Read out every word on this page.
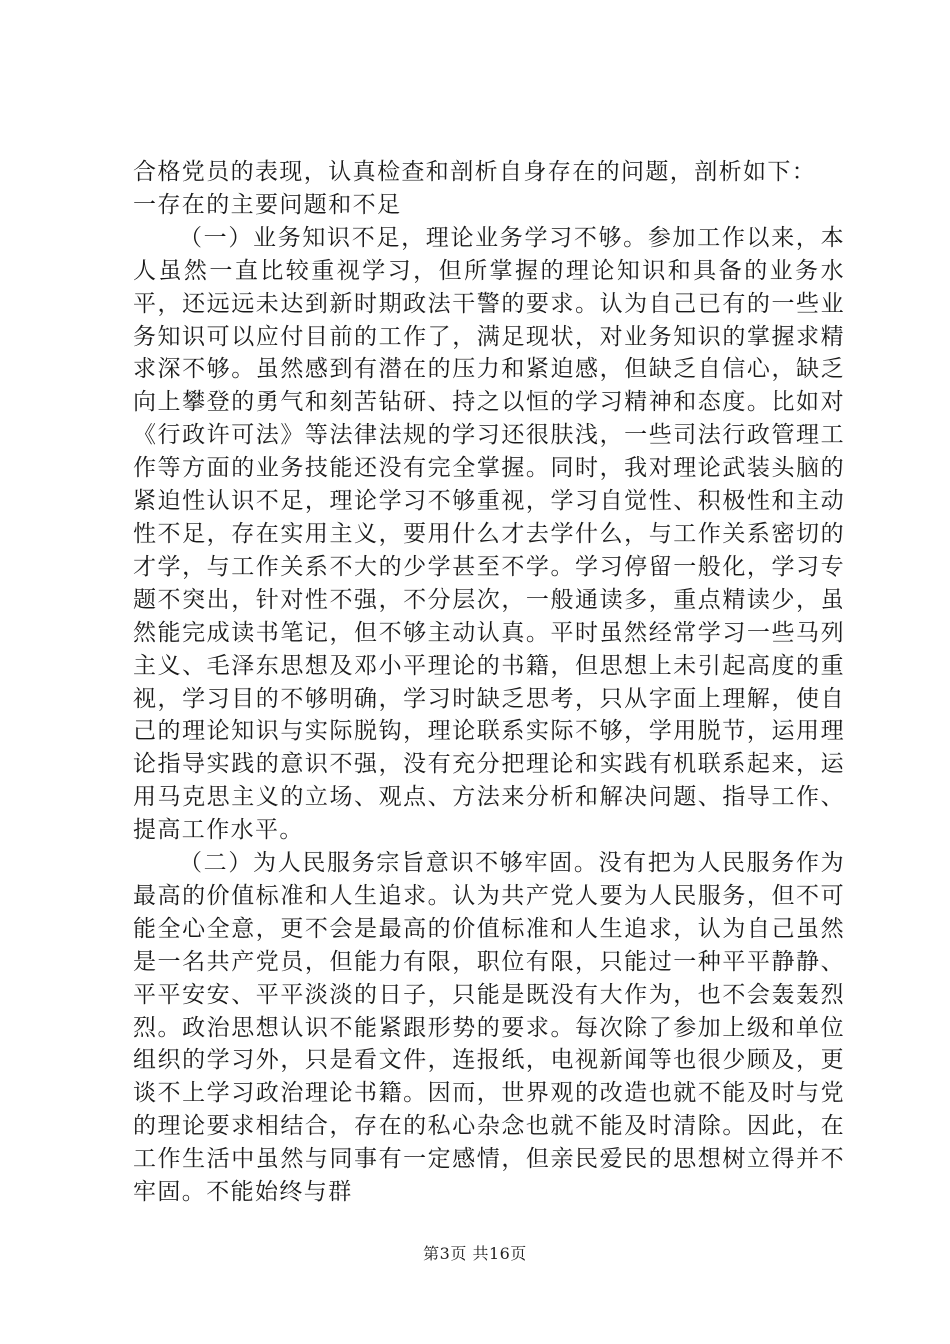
合格党员的表现，认真检查和剖析自身存在的问题，剖析如下：

一存在的主要问题和不足

（一）业务知识不足，理论业务学习不够。参加工作以来，本人虽然一直比较重视学习，但所掌握的理论知识和具备的业务水平，还远远未达到新时期政法干警的要求。认为自己已有的一些业务知识可以应付目前的工作了，满足现状，对业务知识的掌握求精求深不够。虽然感到有潜在的压力和紧迫感，但缺乏自信心，缺乏向上攀登的勇气和刻苦钻研、持之以恒的学习精神和态度。比如对《行政许可法》等法律法规的学习还很肤浅，一些司法行政管理工作等方面的业务技能还没有完全掌握。同时，我对理论武装头脑的紧迫性认识不足，理论学习不够重视，学习自觉性、积极性和主动性不足，存在实用主义，要用什么才去学什么，与工作关系密切的才学，与工作关系不大的少学甚至不学。学习停留一般化，学习专题不突出，针对性不强，不分层次，一般通读多，重点精读少，虽然能完成读书笔记，但不够主动认真。平时虽然经常学习一些马列主义、毛泽东思想及邓小平理论的书籍，但思想上未引起高度的重视，学习目的不够明确，学习时缺乏思考，只从字面上理解，使自己的理论知识与实际脱钩，理论联系实际不够，学用脱节，运用理论指导实践的意识不强，没有充分把理论和实践有机联系起来，运用马克思主义的立场、观点、方法来分析和解决问题、指导工作、提高工作水平。

（二）为人民服务宗旨意识不够牢固。没有把为人民服务作为最高的价值标准和人生追求。认为共产党人要为人民服务，但不可能全心全意，更不会是最高的价值标准和人生追求，认为自己虽然是一名共产党员，但能力有限，职位有限，只能过一种平平静静、平平安安、平平淡淡的日子，只能是既没有大作为，也不会轰轰烈烈。政治思想认识不能紧跟形势的要求。每次除了参加上级和单位组织的学习外，只是看文件，连报纸，电视新闻等也很少顾及，更谈不上学习政治理论书籍。因而，世界观的改造也就不能及时与党的理论要求相结合，存在的私心杂念也就不能及时清除。因此，在工作生活中虽然与同事有一定感情，但亲民爱民的思想树立得并不牢固。不能始终与群

第3页 共16页
